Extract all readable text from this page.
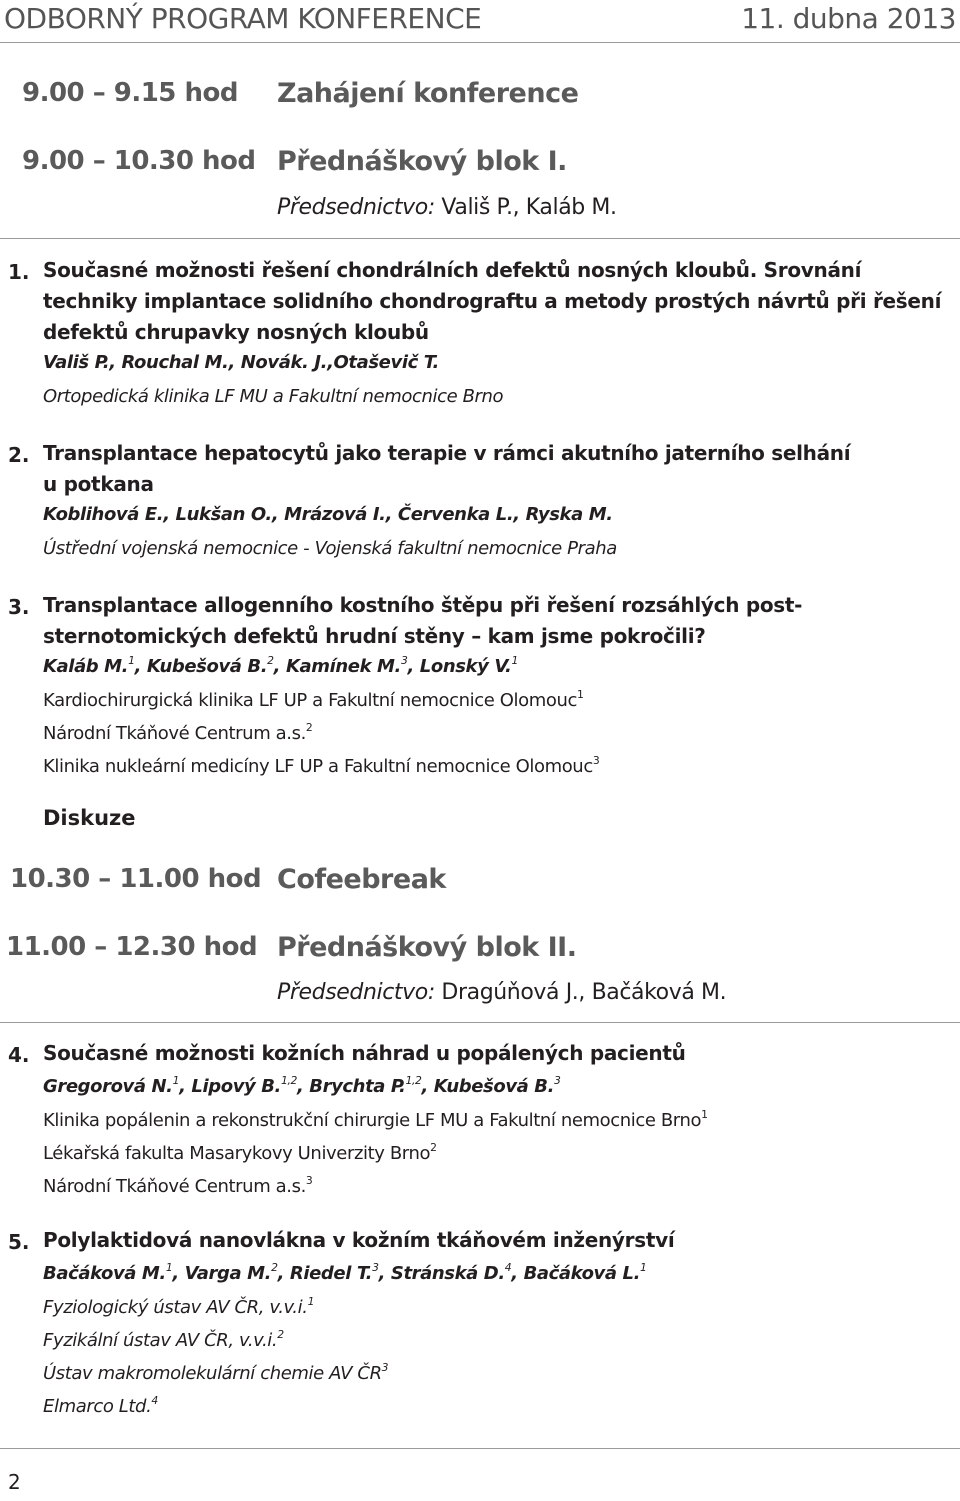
ODBORNÝ PROGRAM KONFERENCE	11. dubna 2013
9.00 – 9.15 hod Zahájení konference
9.00 – 10.30 hod Přednáškový blok I.
Předsednictvo: Vališ P., Kaláb M.
1. Současné možnosti řešení chondrálních defektů nosných kloubů. Srovnání
techniky implantace solidního chondrograftu a metody prostých návrtů při řešení
defektů chrupavky nosných kloubů
Vališ P., Rouchal M., Novák. J.,Otaševič T.
Ortopedická klinika LF MU a Fakultní nemocnice Brno
2. Transplantace hepatocytů jako terapie v rámci akutního jaterního selhání
u potkana
Koblihová E., Lukšan O., Mrázová I., Červenka L., Ryska M.
Ústřední vojenská nemocnice - Vojenská fakultní nemocnice Praha
3. Transplantace allogenního kostního štěpu při řešení rozsáhlých post-
sternotomických defektů hrudní stěny – kam jsme pokročili?
Kaláb M.$^1$, Kubešová B.$^2$, Kamínek M.$^3$, Lonský V.$^1$
Kardiochirurgická klinika LF UP a Fakultní nemocnice Olomouc$^1$
Národní Tkáňové Centrum a.s.$^2$
Klinika nukleární medicíny LF UP a Fakultní nemocnice Olomouc$^3$
Diskuze
10.30 – 11.00 hod Cofeebreak
11.00 – 12.30 hod Přednáškový blok II.
Předsednictvo: Dragúňová J., Bačáková M.
4. Současné možnosti kožních náhrad u popálených pacientů
Gregorová N.$^1$, Lipový B.$^{1,2}$, Brychta P.$^{1,2}$, Kubešová B.$^3$
Klinika popálenin a rekonstrukční chirurgie LF MU a Fakultní nemocnice Brno$^1$
Lékařská fakulta Masarykovy Univerzity Brno$^2$
Národní Tkáňové Centrum a.s.$^3$
5. Polylaktidová nanovlákna v kožním tkáňovém inženýrství
Bačáková M.$^1$, Varga M.$^2$, Riedel T.$^3$, Stránská D.$^4$, Bačáková L.$^1$
Fyziologický ústav AV ČR, v.v.i.$^1$
Fyzikální ústav AV ČR, v.v.i.$^2$
Ústav makromolekulární chemie AV $ČR^3$
Elmarco Ltd.$^4$
2
